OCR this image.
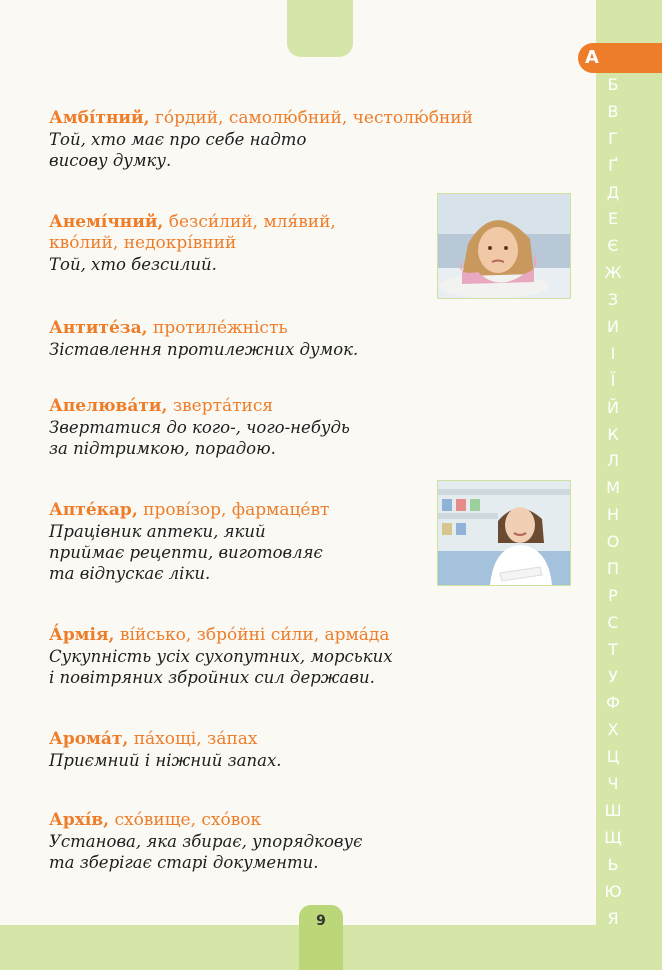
9
А
Б
В
Г
Ґ
Д
Е
Є
Ж
З
И
І
Ї
Й
К
Л
М
Н
О
П
Р
С
Т
У
Ф
Х
Ц
Ч
Ш
Щ
Ь
Ю
Я

Амбі́тний, го́рдий, самолю́бний, честолю́бний

Той, хто має про себе надто
висову думку.

Анемі́чний, безси́лий, мля́вий,
кво́лий, недокрі́вний

Той, хто безсилий.

Антите́за, протиле́жність

Зіставлення протилежних думок.

Апелюва́ти, зверта́тися

Звертатися до кого-, чого-небудь
за підтримкою, порадою.

Апте́кар, прові́зор, фармаце́вт

Працівник аптеки, який
приймає рецепти, виготовляє
та відпускає ліки.

А́рмія, ві́йсько, збро́йні си́ли, арма́да

Сукупність усіх сухопутних, морських
і повітряних збройних сил держави.

Арома́т, па́хощі, за́пах

Приємний і ніжний запах.

Архі́в, схо́вище, схо́вок

Установа, яка збирає, упорядковує
та зберігає старі документи.
